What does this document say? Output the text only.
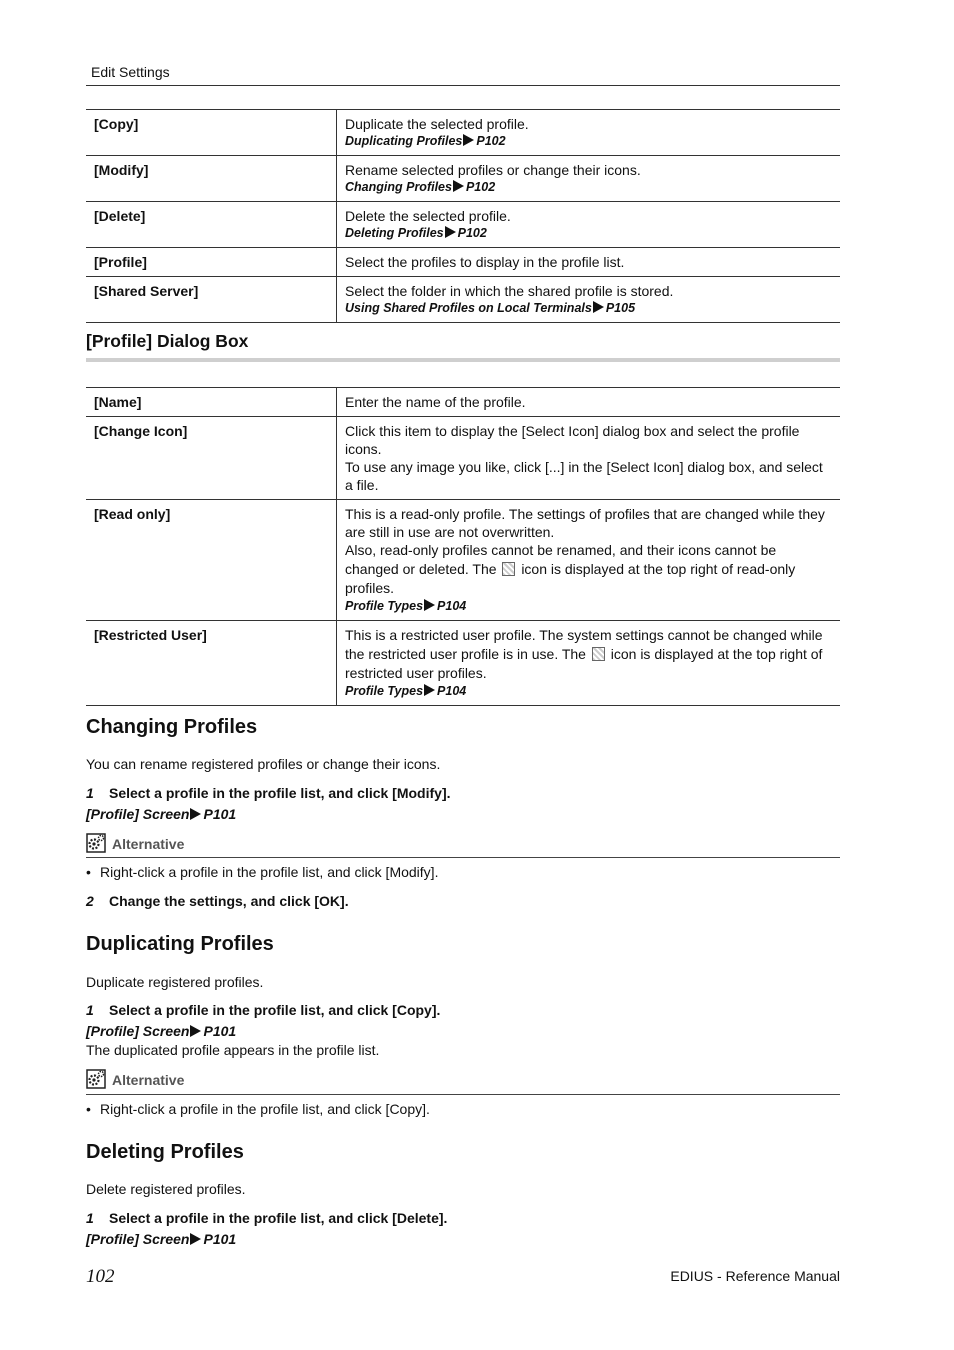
Edit Settings
[Copy]	Duplicate the selected profile.
Duplicating Profiles P102

[Modify]	Rename selected profiles or change their icons.
Changing Profiles P102

[Delete]	Delete the selected profile.
Deleting Profiles P102

[Profile]	Select the profiles to display in the profile list.

[Shared Server]	Select the folder in which the shared profile is stored.
Using Shared Profiles on Local Terminals P105
[Profile] Dialog Box
[Name]	Enter the name of the profile.

[Change Icon]	Click this item to display the [Select Icon] dialog box and select the profile icons.
To use any image you like, click [...] in the [Select Icon] dialog box, and select a file.

[Read only]	This is a read-only profile. The settings of profiles that are changed while they are still in use are not overwritten.
Also, read-only profiles cannot be renamed, and their icons cannot be changed or deleted. The icon is displayed at the top right of read-only profiles.
Profile Types P104

[Restricted User]	This is a restricted user profile. The system settings cannot be changed while the restricted user profile is in use. The icon is displayed at the top right of restricted user profiles.
Profile Types P104
Changing Profiles
You can rename registered profiles or change their icons.
1 Select a profile in the profile list, and click [Modify].
[Profile] Screen P101
Alternative
• Right-click a profile in the profile list, and click [Modify].
2 Change the settings, and click [OK].
Duplicating Profiles
Duplicate registered profiles.
1 Select a profile in the profile list, and click [Copy].
[Profile] Screen P101
The duplicated profile appears in the profile list.
Alternative
• Right-click a profile in the profile list, and click [Copy].
Deleting Profiles
Delete registered profiles.
1 Select a profile in the profile list, and click [Delete].
[Profile] Screen P101
102	EDIUS - Reference Manual
